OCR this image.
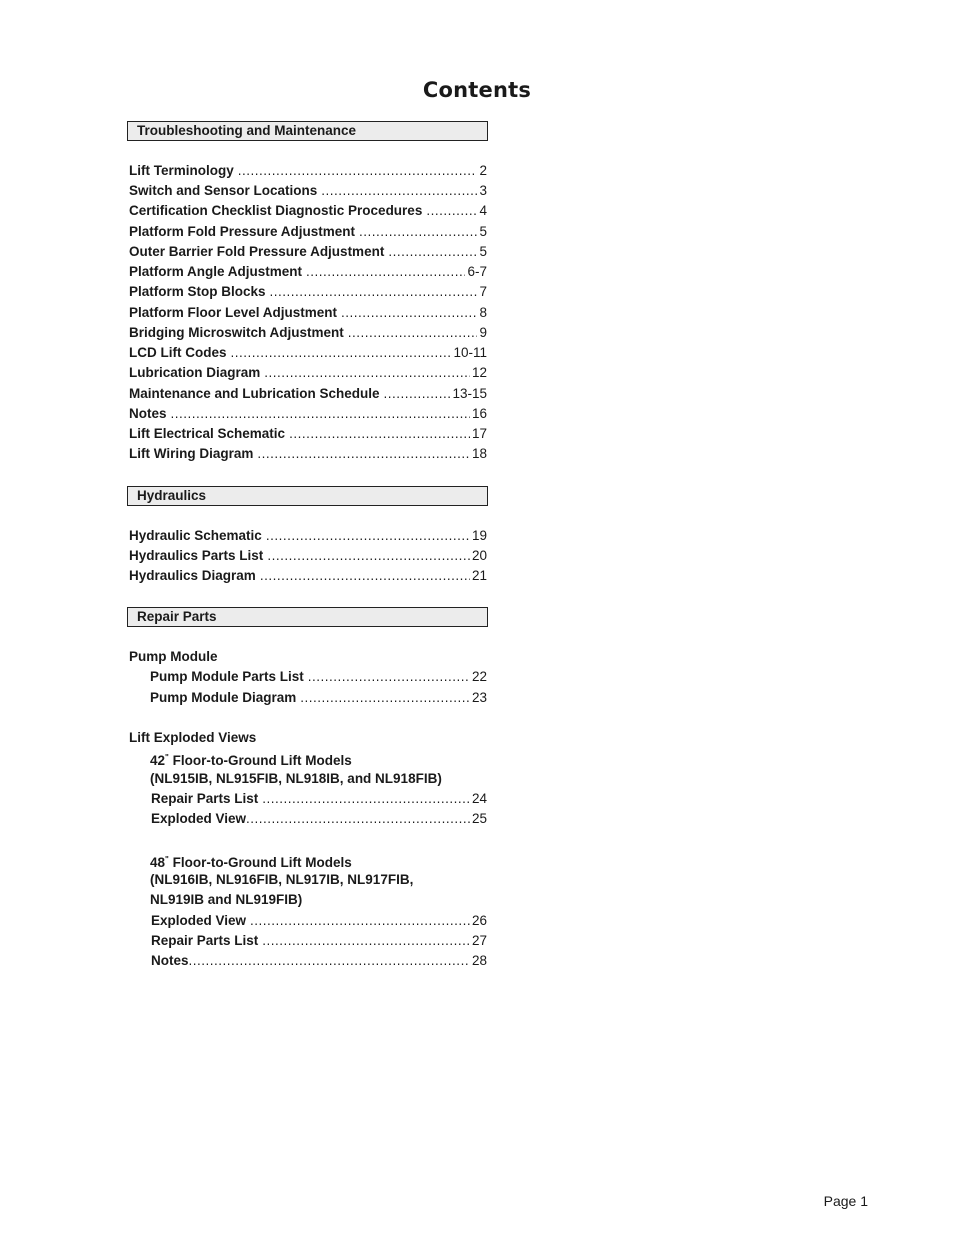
Contents
Troubleshooting and Maintenance
Lift Terminology .....	2
Switch and Sensor Locations .....	3
Certification Checklist Diagnostic Procedures .....	4
Platform Fold Pressure Adjustment .....	5
Outer Barrier Fold Pressure Adjustment .....	5
Platform Angle Adjustment .....	6-7
Platform Stop Blocks .....	7
Platform Floor Level Adjustment .....	8
Bridging Microswitch Adjustment .....	9
LCD Lift Codes .....	10-11
Lubrication Diagram .....	12
Maintenance and Lubrication Schedule .....	13-15
Notes .....	16
Lift Electrical Schematic .....	17
Lift Wiring Diagram .....	18
Hydraulics
Hydraulic Schematic .....	19
Hydraulics Parts List .....	20
Hydraulics Diagram .....	21
Repair Parts
Pump Module
Pump Module Parts List .....	22
Pump Module Diagram .....	23
Lift Exploded Views
42" Floor-to-Ground Lift Models
(NL915IB, NL915FIB, NL918IB, and NL918FIB)
Repair Parts List .....	24
Exploded View .....	25
48" Floor-to-Ground Lift Models
(NL916IB, NL916FIB, NL917IB, NL917FIB,
NL919IB and NL919FIB)
Exploded View .....	26
Repair Parts List .....	27
Notes .....	28
Page 1
